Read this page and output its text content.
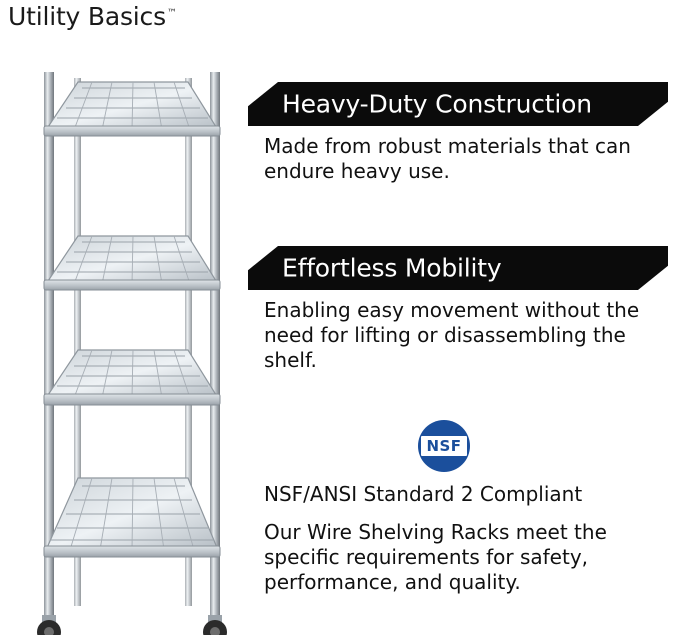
Utility Basics™
Heavy-Duty Construction

Made from robust materials that can endure heavy use.

Effortless Mobility

Enabling easy movement without the need for lifting or disassembling the shelf.

NSF
NSF/ANSI Standard 2 Compliant

Our Wire Shelving Racks meet the specific requirements for safety, performance, and quality.
